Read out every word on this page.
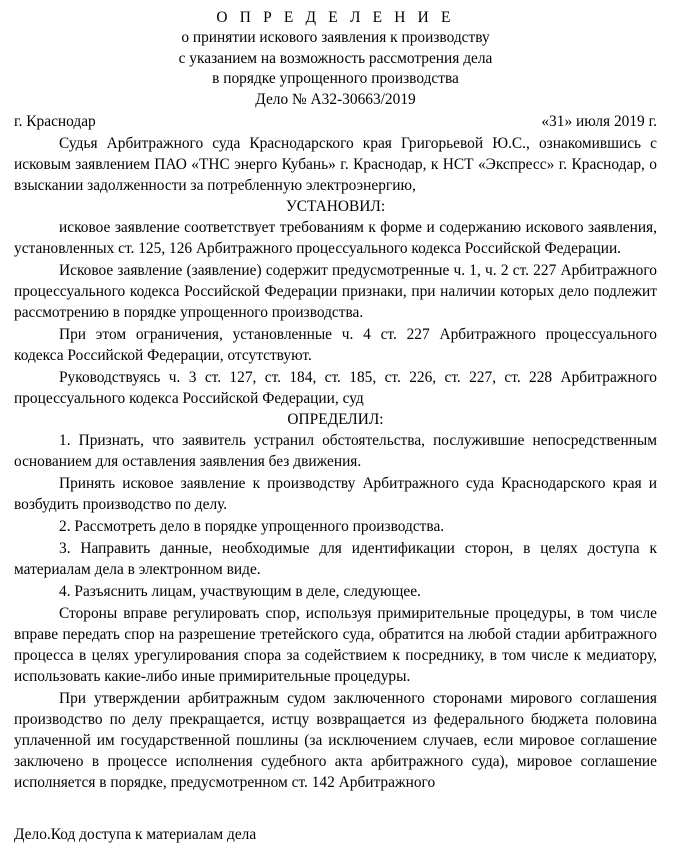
О П Р Е Д Е Л Е Н И Е
о принятии искового заявления к производству
с указанием на возможность рассмотрения дела
в порядке упрощенного производства
Дело № А32-30663/2019
г. Краснодар	«31» июля 2019 г.
Судья Арбитражного суда Краснодарского края Григорьевой Ю.С., ознакомившись с исковым заявлением ПАО «ТНС энерго Кубань» г. Краснодар, к НСТ «Экспресс» г. Краснодар, о взыскании задолженности за потребленную электроэнергию,
УСТАНОВИЛ:
исковое заявление соответствует требованиям к форме и содержанию искового заявления, установленных ст. 125, 126 Арбитражного процессуального кодекса Российской Федерации.
Исковое заявление (заявление) содержит предусмотренные ч. 1, ч. 2 ст. 227 Арбитражного процессуального кодекса Российской Федерации признаки, при наличии которых дело подлежит рассмотрению в порядке упрощенного производства.
При этом ограничения, установленные ч. 4 ст. 227 Арбитражного процессуального кодекса Российской Федерации, отсутствуют.
Руководствуясь ч. 3 ст. 127, ст. 184, ст. 185, ст. 226, ст. 227, ст. 228 Арбитражного процессуального кодекса Российской Федерации, суд
ОПРЕДЕЛИЛ:
1. Признать, что заявитель устранил обстоятельства, послужившие непосредственным основанием для оставления заявления без движения.
Принять исковое заявление к производству Арбитражного суда Краснодарского края и возбудить производство по делу.
2. Рассмотреть дело в порядке упрощенного производства.
3. Направить данные, необходимые для идентификации сторон, в целях доступа к материалам дела в электронном виде.
4. Разъяснить лицам, участвующим в деле, следующее.
Стороны вправе регулировать спор, используя примирительные процедуры, в том числе вправе передать спор на разрешение третейского суда, обратится на любой стадии арбитражного процесса в целях урегулирования спора за содействием к посреднику, в том числе к медиатору, использовать какие-либо иные примирительные процедуры.
При утверждении арбитражным судом заключенного сторонами мирового соглашения производство по делу прекращается, истцу возвращается из федерального бюджета половина уплаченной им государственной пошлины (за исключением случаев, если мировое соглашение заключено в процессе исполнения судебного акта арбитражного суда), мировое соглашение исполняется в порядке, предусмотренном ст. 142 Арбитражного
Дело.Код доступа к материалам дела
